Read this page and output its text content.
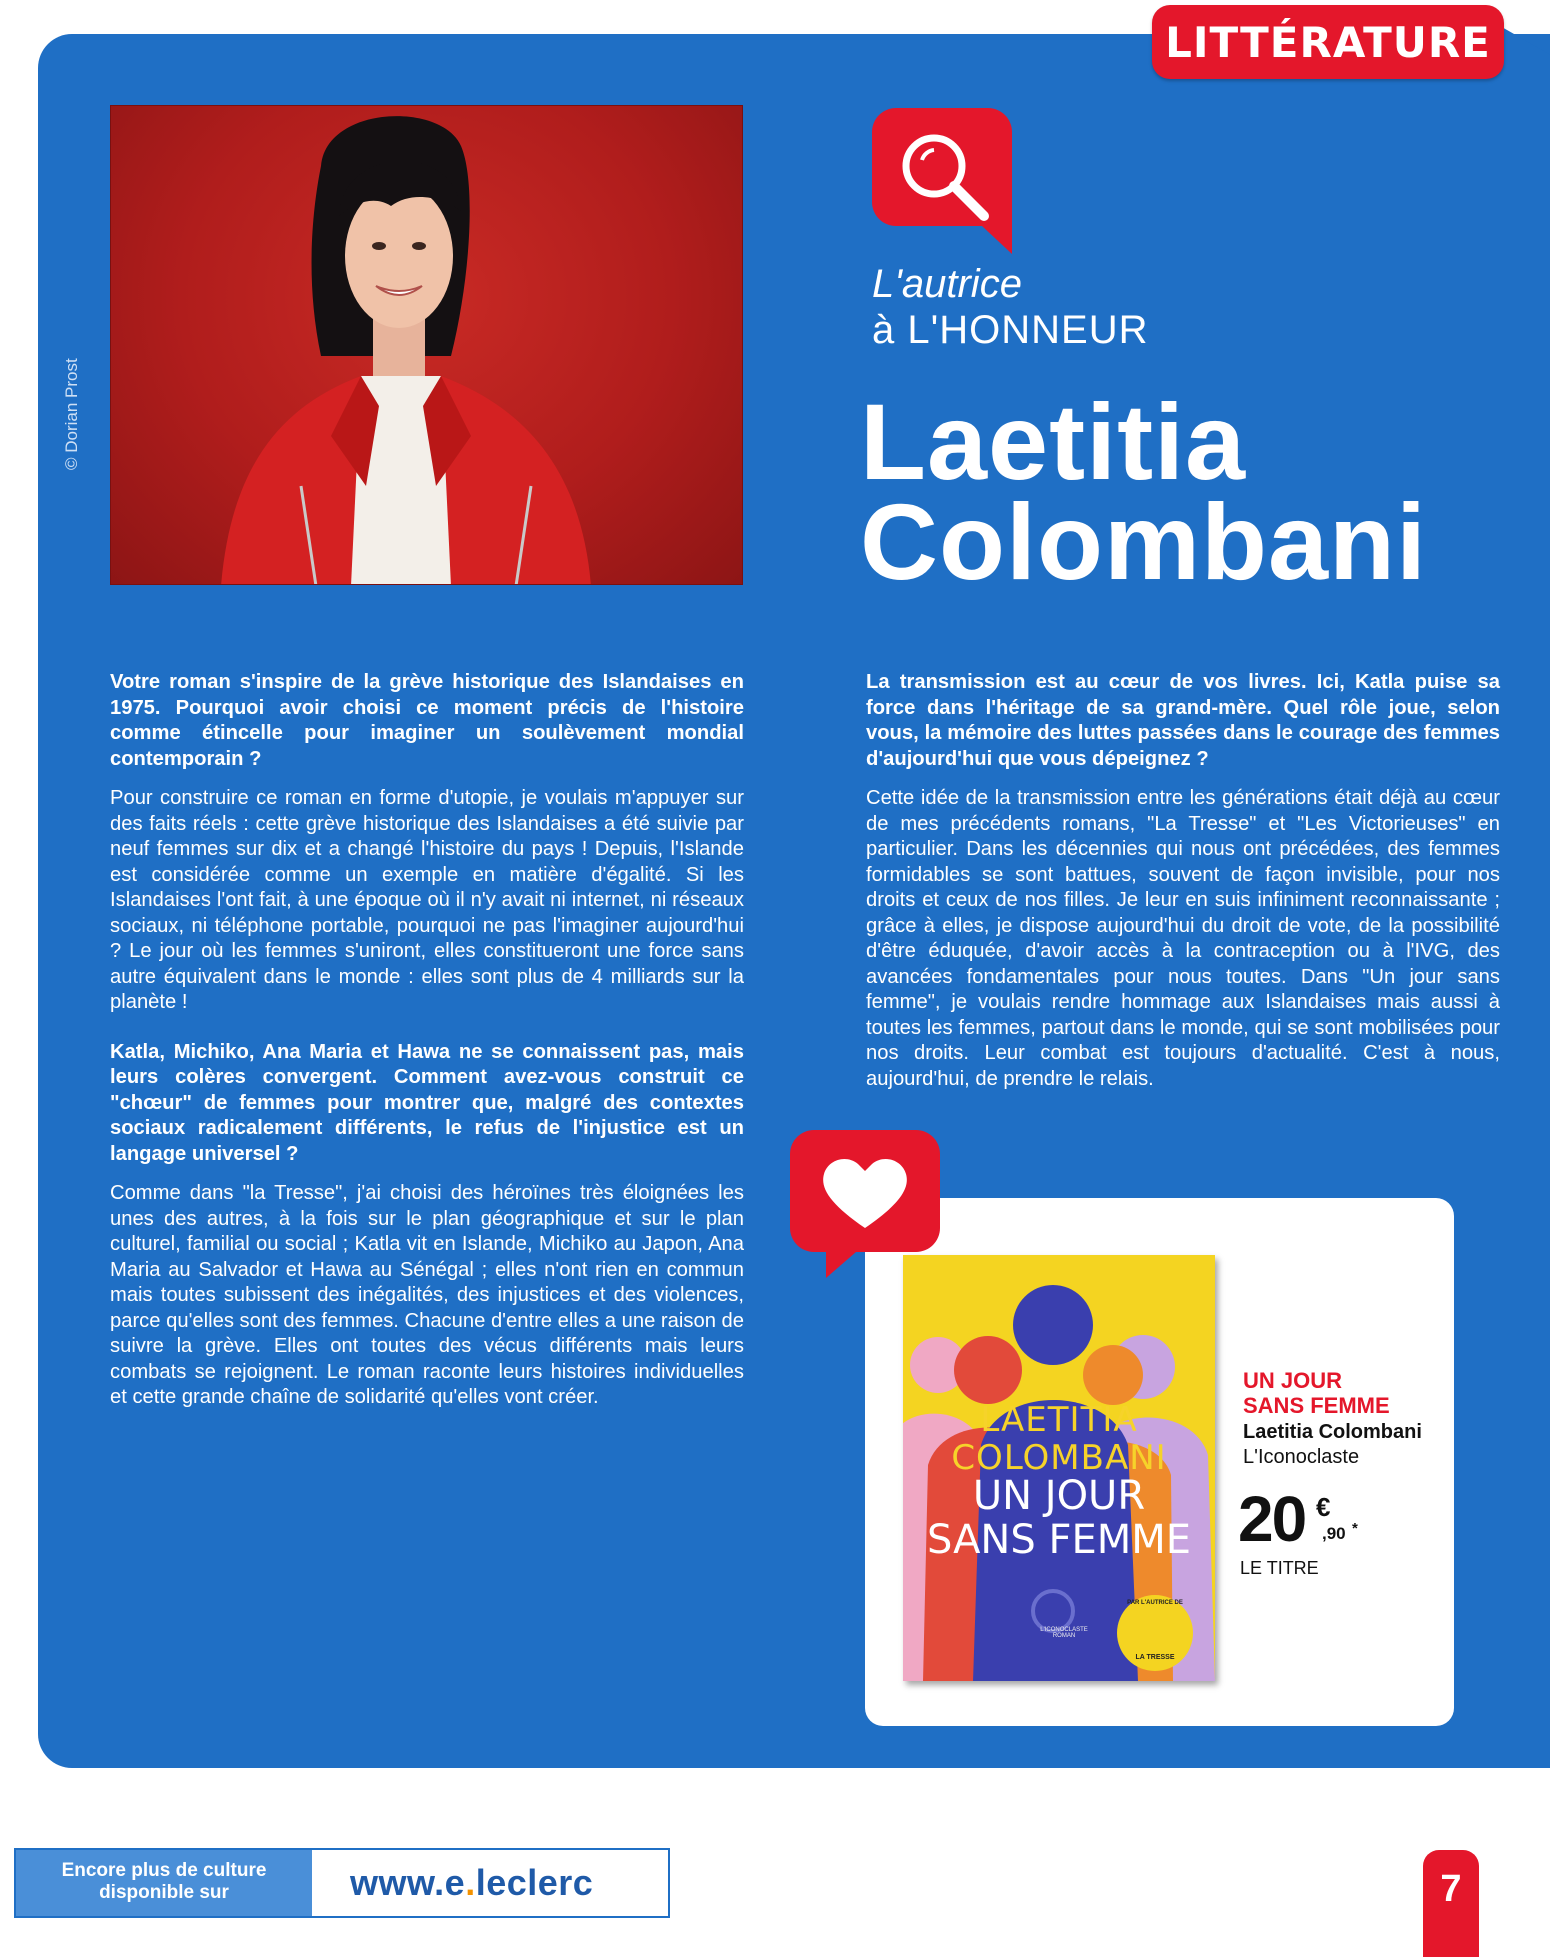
LITTÉRATURE
© Dorian Prost
L'autrice
à L'HONNEUR
Laetitia
Colombani

Votre roman s'inspire de la grève historique des Islandaises en 1975. Pourquoi avoir choisi ce moment précis de l'histoire comme étincelle pour imaginer un soulèvement mondial contemporain ?

Pour construire ce roman en forme d'utopie, je voulais m'appuyer sur des faits réels : cette grève historique des Islandaises a été suivie par neuf femmes sur dix et a changé l'histoire du pays ! Depuis, l'Islande est considérée comme un exemple en matière d'égalité. Si les Islandaises l'ont fait, à une époque où il n'y avait ni internet, ni réseaux sociaux, ni téléphone portable, pourquoi ne pas l'imaginer aujourd'hui ? Le jour où les femmes s'uniront, elles constitueront une force sans autre équivalent dans le monde : elles sont plus de 4 milliards sur la planète !

Katla, Michiko, Ana Maria et Hawa ne se connaissent pas, mais leurs colères convergent. Comment avez-vous construit ce "chœur" de femmes pour montrer que, malgré des contextes sociaux radicalement différents, le refus de l'injustice est un langage universel ?

Comme dans "la Tresse", j'ai choisi des héroïnes très éloignées les unes des autres, à la fois sur le plan géographique et sur le plan culturel, familial ou social ; Katla vit en Islande, Michiko au Japon, Ana Maria au Salvador et Hawa au Sénégal ; elles n'ont rien en commun mais toutes subissent des inégalités, des injustices et des violences, parce qu'elles sont des femmes. Chacune d'entre elles a une raison de suivre la grève. Elles ont toutes des vécus différents mais leurs combats se rejoignent. Le roman raconte leurs histoires individuelles et cette grande chaîne de solidarité qu'elles vont créer.

La transmission est au cœur de vos livres. Ici, Katla puise sa force dans l'héritage de sa grand-mère. Quel rôle joue, selon vous, la mémoire des luttes passées dans le courage des femmes d'aujourd'hui que vous dépeignez ?

Cette idée de la transmission entre les générations était déjà au cœur de mes précédents romans, "La Tresse" et "Les Victorieuses" en particulier. Dans les décennies qui nous ont précédées, des femmes formidables se sont battues, souvent de façon invisible, pour nos droits et ceux de nos filles. Je leur en suis infiniment reconnaissante ; grâce à elles, je dispose aujourd'hui du droit de vote, de la possibilité d'être éduquée, d'avoir accès à la contraception ou à l'IVG, des avancées fondamentales pour nous toutes. Dans "Un jour sans femme", je voulais rendre hommage aux Islandaises mais aussi à toutes les femmes, partout dans le monde, qui se sont mobilisées pour nos droits. Leur combat est toujours d'actualité. C'est à nous, aujourd'hui, de prendre le relais.

LAETITIA
COLOMBANI
UN JOUR
SANS FEMME
L'ICONOCLASTE
ROMAN
PAR L'AUTRICE DE
LA TRESSE
UN JOUR
SANS FEMME
Laetitia Colombani
L'Iconoclaste
20 €
,90 *
LE TITRE
Encore plus de culture
disponible sur	www.e.leclerc	7
